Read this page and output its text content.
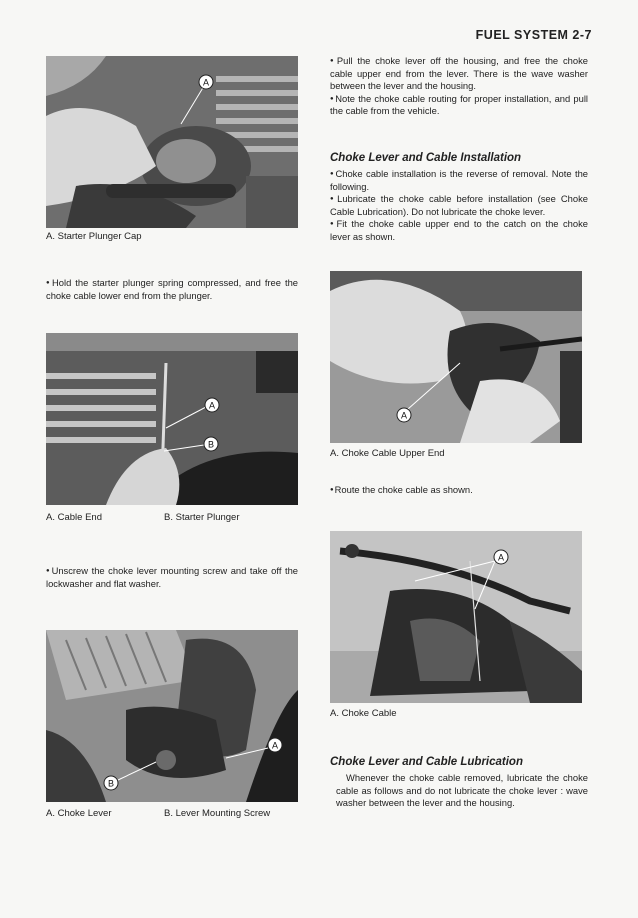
FUEL SYSTEM 2-7
A
A. Starter Plunger Cap

● Hold the starter plunger spring compressed, and free the choke cable lower end from the plunger.

A
B
A. Cable End	B. Starter Plunger

● Unscrew the choke lever mounting screw and take off the lockwasher and flat washer.

A
B
A. Choke Lever	B. Lever Mounting Screw

● Pull the choke lever off the housing, and free the choke cable upper end from the lever. There is the wave washer between the lever and the housing.

● Note the choke cable routing for proper installation, and pull the cable from the vehicle.

Choke Lever and Cable Installation

● Choke cable installation is the reverse of removal. Note the following.

● Lubricate the choke cable before installation (see Choke Cable Lubrication). Do not lubricate the choke lever.

● Fit the choke cable upper end to the catch on the choke lever as shown.

A
A. Choke Cable Upper End

● Route the choke cable as shown.

A
A. Choke Cable
Choke Lever and Cable Lubrication

Whenever the choke cable removed, lubricate the choke cable as follows and do not lubricate the choke lever : wave washer between the lever and the housing.
